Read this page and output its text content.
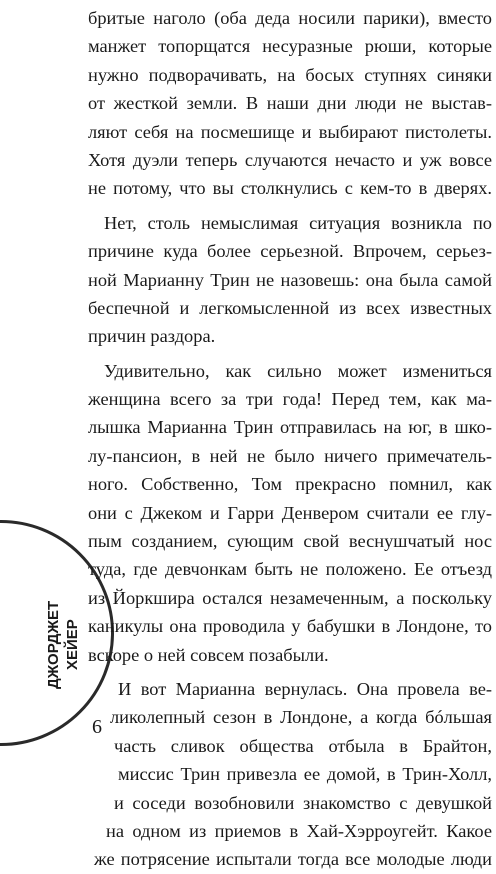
ДЖОРДЖЕТ ХЕЙЕР
бритые наголо (оба деда носили парики), вместо
манжет топорщатся несуразные рюши, которые
нужно подворачивать, на босых ступнях синяки
от жесткой земли. В наши дни люди не выстав-
ляют себя на посмешище и выбирают пистолеты.
Хотя дуэли теперь случаются нечасто и уж вовсе
не потому, что вы столкнулись с кем-то в дверях.
Нет, столь немыслимая ситуация возникла по
причине куда более серьезной. Впрочем, серьез-
ной Марианну Трин не назовешь: она была самой
беспечной и легкомысленной из всех известных
причин раздора.
Удивительно, как сильно может измениться
женщина всего за три года! Перед тем, как ма-
лышка Марианна Трин отправилась на юг, в шко-
лу-пансион, в ней не было ничего примечатель-
ного. Собственно, Том прекрасно помнил, как
они с Джеком и Гарри Денвером считали ее глу-
пым созданием, сующим свой веснушчатый нос
туда, где девчонкам быть не положено. Ее отъезд
из Йоркшира остался незамеченным, а поскольку
каникулы она проводила у бабушки в Лондоне, то
вскоре о ней совсем позабыли.
И вот Марианна вернулась. Она провела ве-
ликолепный сезон в Лондоне, а когда бóльшая
часть сливок общества отбыла в Брайтон,
миссис Трин привезла ее домой, в Трин-Холл,
и соседи возобновили знакомство с девушкой
на одном из приемов в Хай-Хэрроугейт. Какое
же потрясение испытали тогда все молодые люди
6
